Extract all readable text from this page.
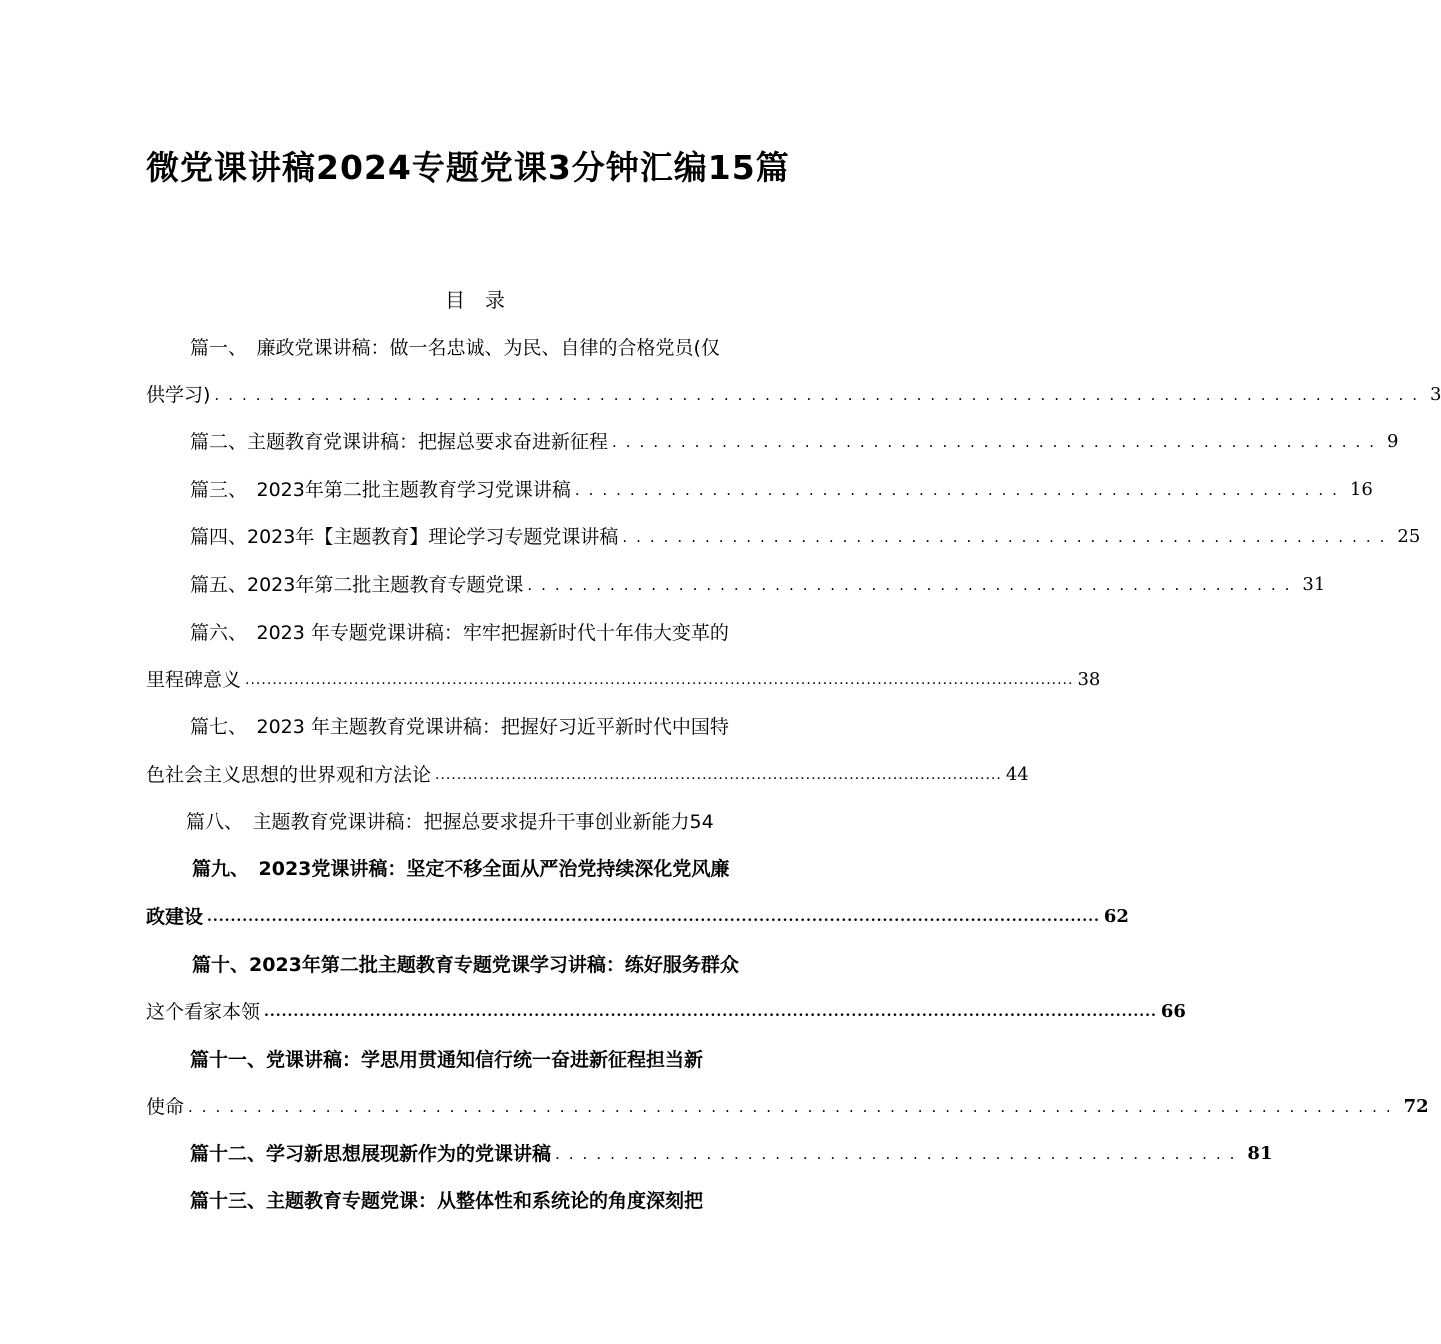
微党课讲稿2024专题党课3分钟汇编15篇
目　录
篇一、　廉政党课讲稿：做一名忠诚、为民、自律的合格党员(仅
供学习) ........................................................................................ 3
篇二、主题教育党课讲稿：把握总要求奋进新征程 ........................................................ 9
篇三、　2023年第二批主题教育学习党课讲稿 ........................................................ 16
篇四、2023年【主题教育】理论学习专题党课讲稿 ........................................................ 25
篇五、2023年第二批主题教育专题党课 ........................................................ 31
篇六、　2023 年专题党课讲稿：牢牢把握新时代十年伟大变革的
里程碑意义 ........................................................................................................................................................ 38
篇七、　2023 年主题教育党课讲稿：把握好习近平新时代中国特
色社会主义思想的世界观和方法论 ........................................................................................................ 44
篇八、　主题教育党课讲稿：把握总要求提升干事创业新能力 54
篇九、　2023党课讲稿：坚定不移全面从严治党持续深化党风廉
政建设 ........................................................................................................................................................ 62
篇十、2023年第二批主题教育专题党课学习讲稿：练好服务群众
这个看家本领 ........................................................................................................................................................ 66
篇十一、党课讲稿：学思用贯通知信行统一奋进新征程担当新
使命 ........................................................................................ 72
篇十二、学习新思想展现新作为的党课讲稿 .................................................. 81
篇十三、主题教育专题党课：从整体性和系统论的角度深刻把
